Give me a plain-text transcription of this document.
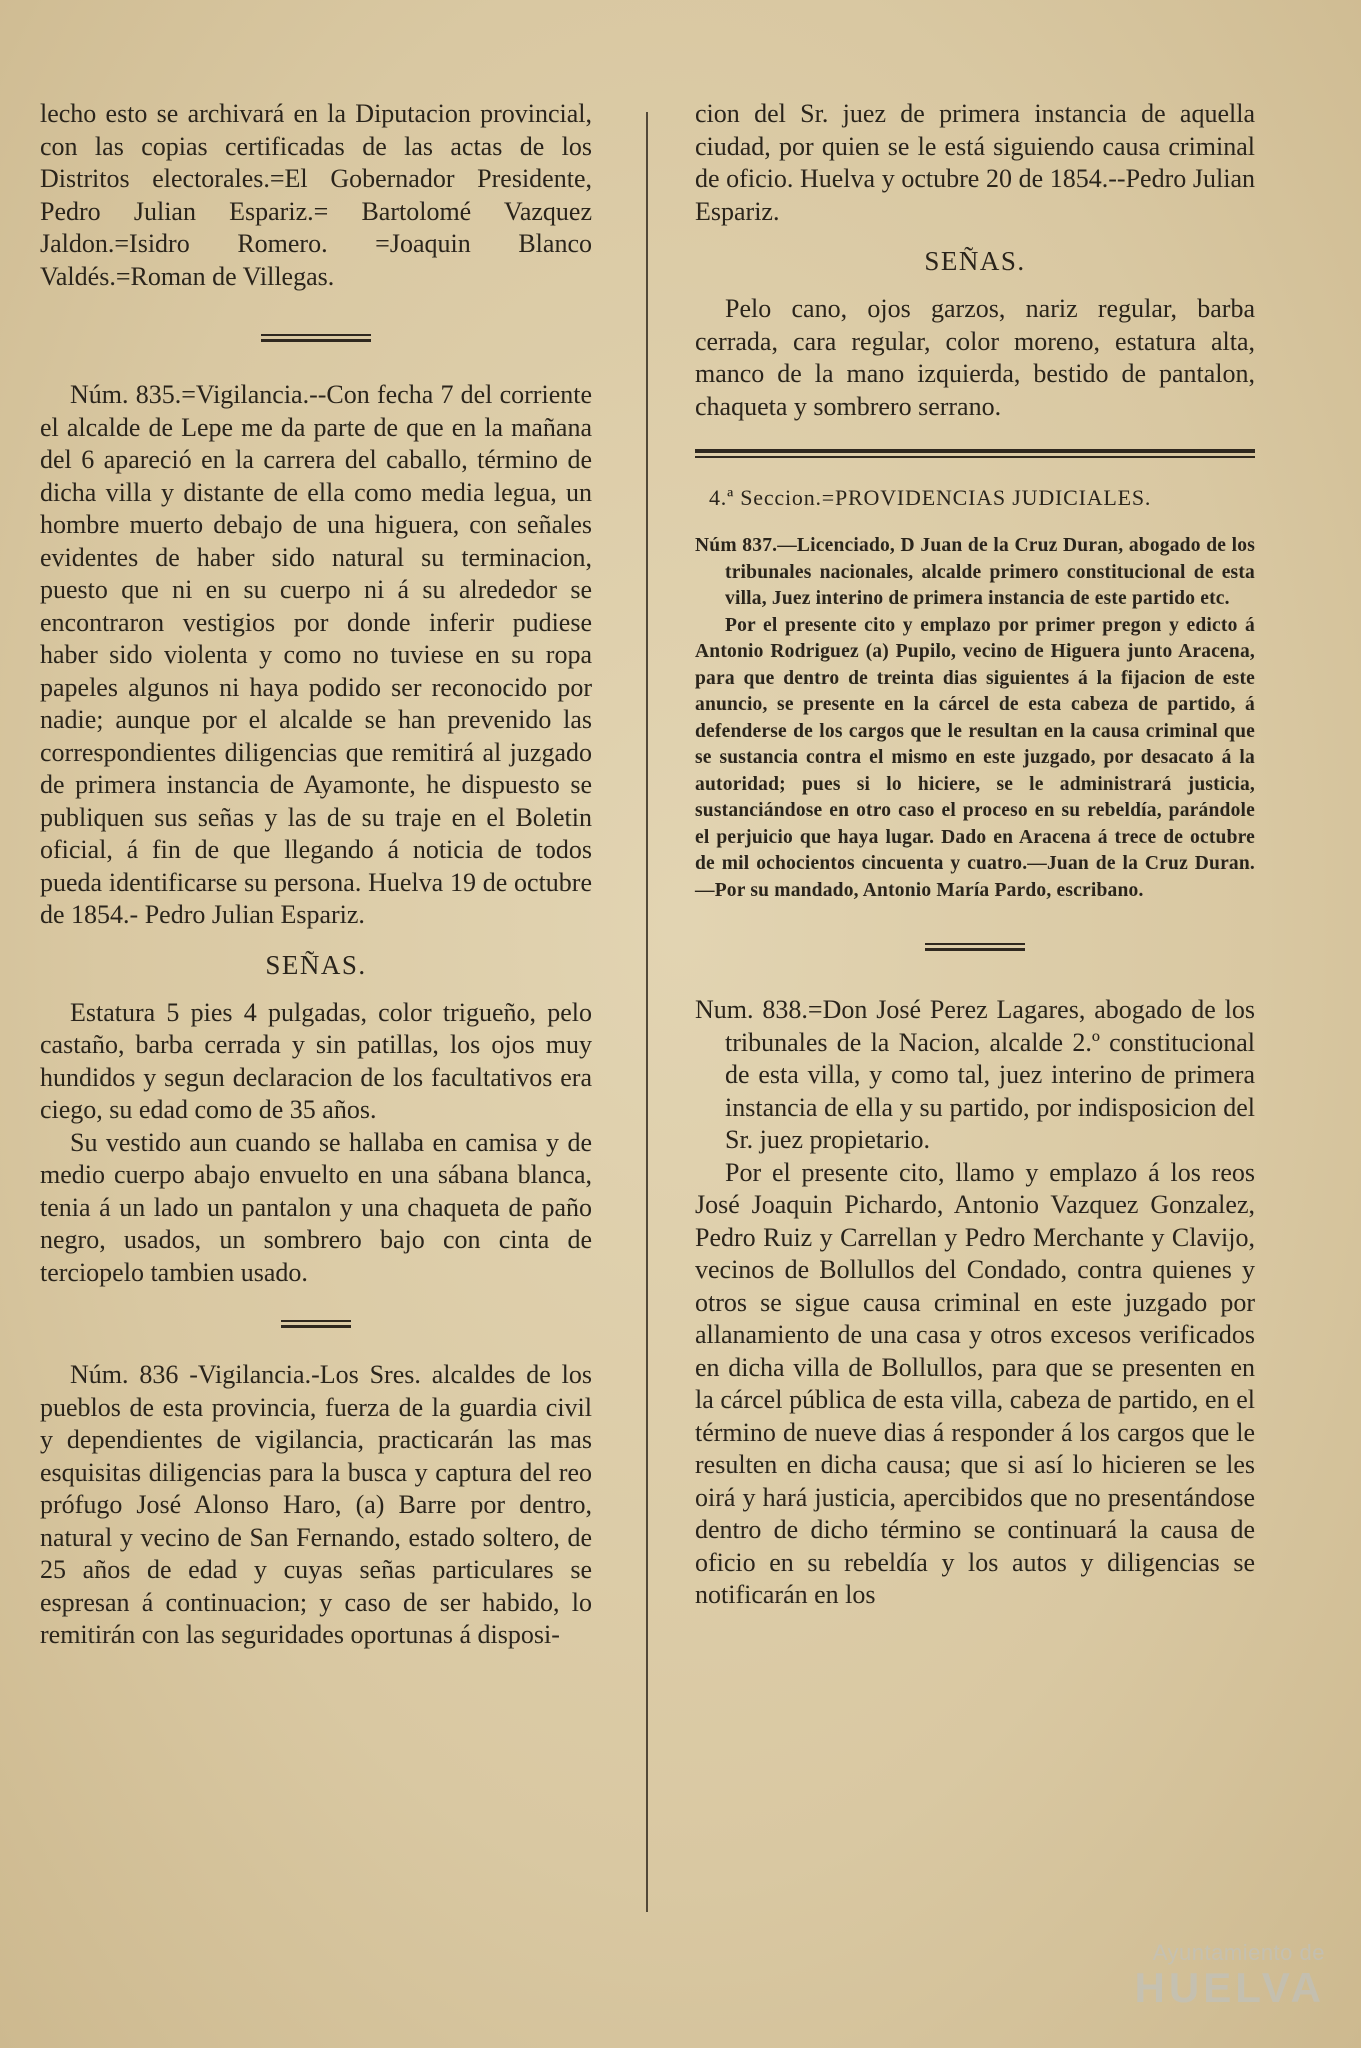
lecho esto se archivará en la Diputacion provincial, con las copias certificadas de las actas de los Distritos electorales.=El Gobernador Presidente, Pedro Julian Espariz.= Bartolomé Vazquez Jaldon.=Isidro Romero. =Joaquin Blanco Valdés.=Roman de Villegas.

Núm. 835.=Vigilancia.--Con fecha 7 del corriente el alcalde de Lepe me da parte de que en la mañana del 6 apareció en la carrera del caballo, término de dicha villa y distante de ella como media legua, un hombre muerto debajo de una higuera, con señales evidentes de haber sido natural su terminacion, puesto que ni en su cuerpo ni á su alrededor se encontraron vestigios por donde inferir pudiese haber sido violenta y como no tuviese en su ropa papeles algunos ni haya podido ser reconocido por nadie; aunque por el alcalde se han prevenido las correspondientes diligencias que remitirá al juzgado de primera instancia de Ayamonte, he dispuesto se publiquen sus señas y las de su traje en el Boletin oficial, á fin de que llegando á noticia de todos pueda identificarse su persona. Huelva 19 de octubre de 1854.- Pedro Julian Espariz.

SEÑAS.

Estatura 5 pies 4 pulgadas, color trigueño, pelo castaño, barba cerrada y sin patillas, los ojos muy hundidos y segun declaracion de los facultativos era ciego, su edad como de 35 años.

Su vestido aun cuando se hallaba en camisa y de medio cuerpo abajo envuelto en una sábana blanca, tenia á un lado un pantalon y una chaqueta de paño negro, usados, un sombrero bajo con cinta de terciopelo tambien usado.

Núm. 836 -Vigilancia.-Los Sres. alcaldes de los pueblos de esta provincia, fuerza de la guardia civil y dependientes de vigilancia, practicarán las mas esquisitas diligencias para la busca y captura del reo prófugo José Alonso Haro, (a) Barre por dentro, natural y vecino de San Fernando, estado soltero, de 25 años de edad y cuyas señas particulares se espresan á continuacion; y caso de ser habido, lo remitirán con las seguridades oportunas á disposi-

cion del Sr. juez de primera instancia de aquella ciudad, por quien se le está siguiendo causa criminal de oficio. Huelva y octubre 20 de 1854.--Pedro Julian Espariz.

SEÑAS.

Pelo cano, ojos garzos, nariz regular, barba cerrada, cara regular, color moreno, estatura alta, manco de la mano izquierda, bestido de pantalon, chaqueta y sombrero serrano.

4.ª Seccion.=PROVIDENCIAS JUDICIALES.

Núm 837.—Licenciado, D Juan de la Cruz Duran, abogado de los tribunales nacionales, alcalde primero constitucional de esta villa, Juez interino de primera instancia de este partido etc.

Por el presente cito y emplazo por primer pregon y edicto á Antonio Rodriguez (a) Pupilo, vecino de Higuera junto Aracena, para que dentro de treinta dias siguientes á la fijacion de este anuncio, se presente en la cárcel de esta cabeza de partido, á defenderse de los cargos que le resultan en la causa criminal que se sustancia contra el mismo en este juzgado, por desacato á la autoridad; pues si lo hiciere, se le administrará justicia, sustanciándose en otro caso el proceso en su rebeldía, parándole el perjuicio que haya lugar. Dado en Aracena á trece de octubre de mil ochocientos cincuenta y cuatro.—Juan de la Cruz Duran.—Por su mandado, Antonio María Pardo, escribano.

Num. 838.=Don José Perez Lagares, abogado de los tribunales de la Nacion, alcalde 2.º constitucional de esta villa, y como tal, juez interino de primera instancia de ella y su partido, por indisposicion del Sr. juez propietario.

Por el presente cito, llamo y emplazo á los reos José Joaquin Pichardo, Antonio Vazquez Gonzalez, Pedro Ruiz y Carrellan y Pedro Merchante y Clavijo, vecinos de Bollullos del Condado, contra quienes y otros se sigue causa criminal en este juzgado por allanamiento de una casa y otros excesos verificados en dicha villa de Bollullos, para que se presenten en la cárcel pública de esta villa, cabeza de partido, en el término de nueve dias á responder á los cargos que le resulten en dicha causa; que si así lo hicieren se les oirá y hará justicia, apercibidos que no presentándose dentro de dicho término se continuará la causa de oficio en su rebeldía y los autos y diligencias se notificarán en los

Ayuntamiento de
HUELVA
